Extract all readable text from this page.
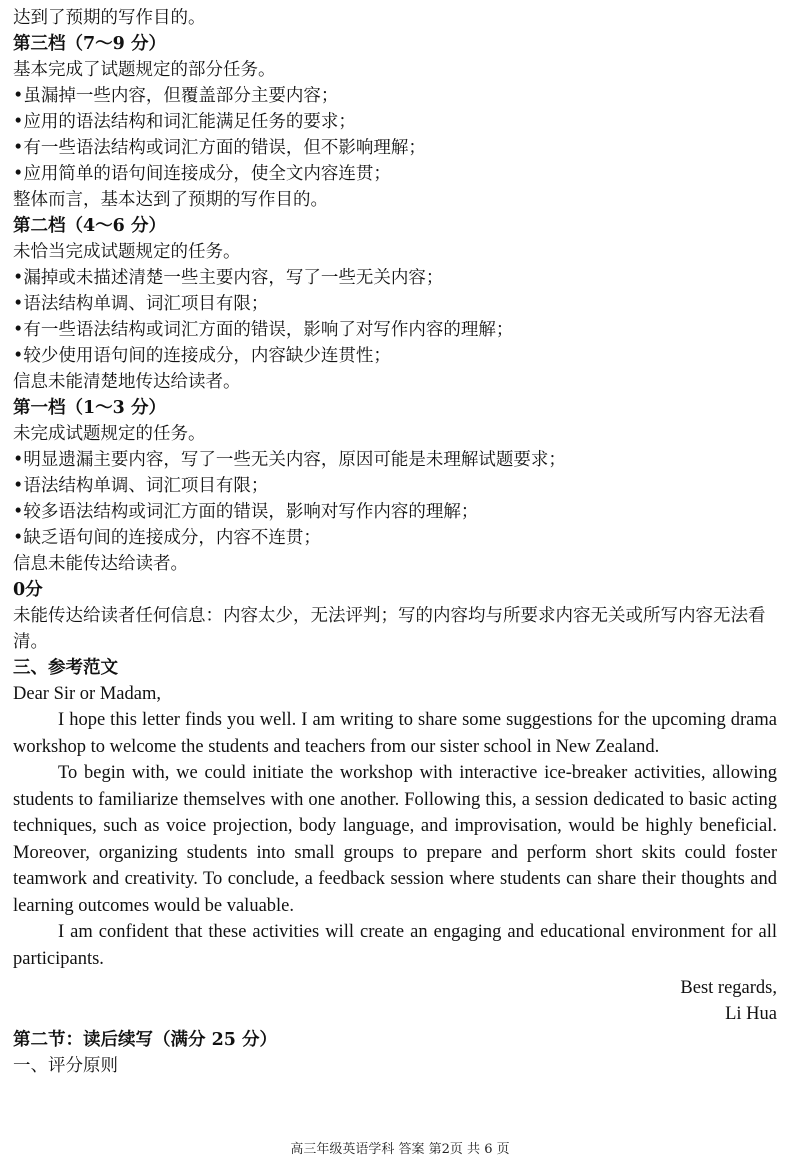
达到了预期的写作目的。
第三档（7～9 分）
基本完成了试题规定的部分任务。
•虽漏掉一些内容，但覆盖部分主要内容；
•应用的语法结构和词汇能满足任务的要求；
•有一些语法结构或词汇方面的错误，但不影响理解；
•应用简单的语句间连接成分，使全文内容连贯；
整体而言，基本达到了预期的写作目的。
第二档（4～6 分）
未恰当完成试题规定的任务。
•漏掉或未描述清楚一些主要内容，写了一些无关内容；
•语法结构单调、词汇项目有限；
•有一些语法结构或词汇方面的错误，影响了对写作内容的理解；
•较少使用语句间的连接成分，内容缺少连贯性；
信息未能清楚地传达给读者。
第一档（1～3 分）
未完成试题规定的任务。
•明显遗漏主要内容，写了一些无关内容，原因可能是未理解试题要求；
•语法结构单调、词汇项目有限；
•较多语法结构或词汇方面的错误，影响对写作内容的理解；
•缺乏语句间的连接成分，内容不连贯；
信息未能传达给读者。
0分
未能传达给读者任何信息：内容太少，无法评判；写的内容均与所要求内容无关或所写内容无法看清。
三、参考范文
Dear Sir or Madam,
I hope this letter finds you well. I am writing to share some suggestions for the upcoming drama workshop to welcome the students and teachers from our sister school in New Zealand.
To begin with, we could initiate the workshop with interactive ice-breaker activities, allowing students to familiarize themselves with one another. Following this, a session dedicated to basic acting techniques, such as voice projection, body language, and improvisation, would be highly beneficial. Moreover, organizing students into small groups to prepare and perform short skits could foster teamwork and creativity. To conclude, a feedback session where students can share their thoughts and learning outcomes would be valuable.
I am confident that these activities will create an engaging and educational environment for all participants.
Best regards,
Li Hua
第二节：读后续写（满分 25 分）
一、评分原则
高三年级英语学科 答案 第2页 共 6 页
